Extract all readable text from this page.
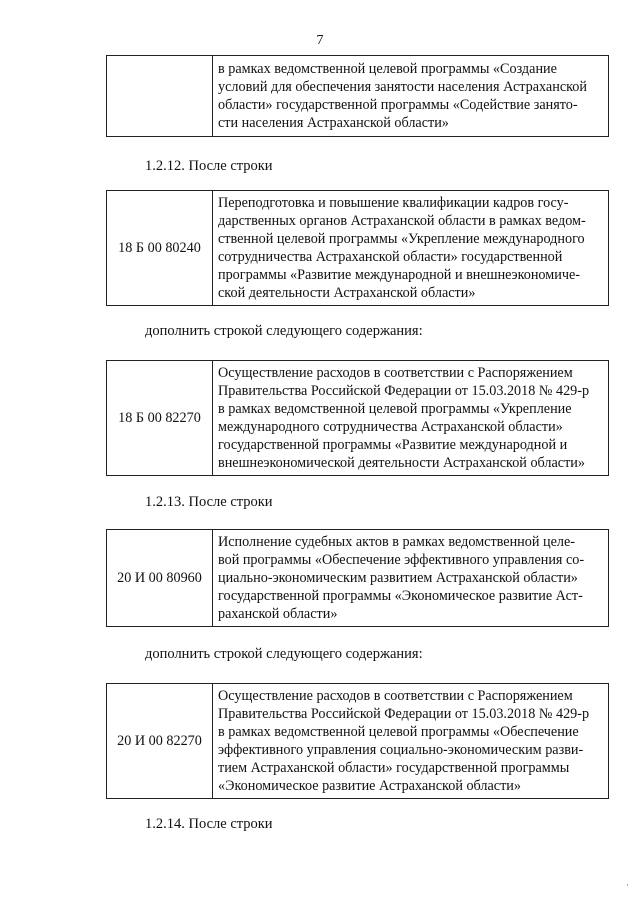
7

в рамках ведомственной целевой программы «Создание
условий для обеспечения занятости населения Астраханской
области» государственной программы «Содействие занято-
сти населения Астраханской области»
1.2.12. После строки
18 Б 00 80240	
Переподготовка и повышение квалификации кадров госу-
дарственных органов Астраханской области в рамках ведом-
ственной целевой программы «Укрепление международного
сотрудничества Астраханской области» государственной
программы «Развитие международной и внешнеэкономиче-
ской деятельности Астраханской области»
дополнить строкой следующего содержания:
18 Б 00 82270	
Осуществление расходов в соответствии с Распоряжением
Правительства Российской Федерации от 15.03.2018 № 429-р
в рамках ведомственной целевой программы «Укрепление
международного сотрудничества Астраханской области»
государственной программы «Развитие международной и
внешнеэкономической деятельности Астраханской области»
1.2.13. После строки
20 И 00 80960	
Исполнение судебных актов в рамках ведомственной целе-
вой программы «Обеспечение эффективного управления со-
циально-экономическим развитием Астраханской области»
государственной программы «Экономическое развитие Аст-
раханской области»
дополнить строкой следующего содержания:
20 И 00 82270	
Осуществление расходов в соответствии с Распоряжением
Правительства Российской Федерации от 15.03.2018 № 429-р
в рамках ведомственной целевой программы «Обеспечение
эффективного управления социально-экономическим разви-
тием Астраханской области» государственной программы
«Экономическое развитие Астраханской области»
1.2.14. После строки
·
